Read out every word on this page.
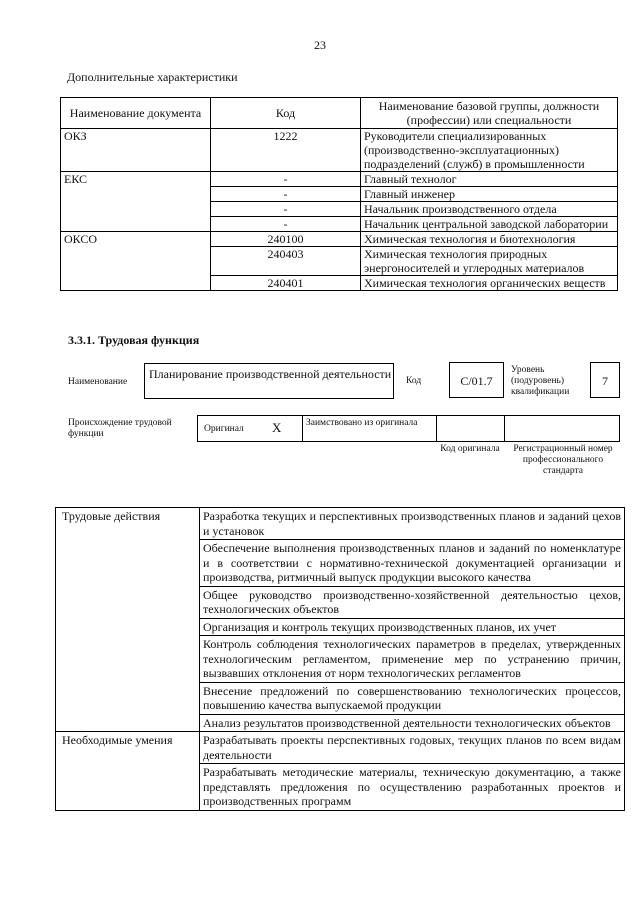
23
Дополнительные характеристики
Наименование документа	Код	Наименование базовой группы, должности (профессии) или специальности
ОКЗ	1222	Руководители специализированных (производственно-эксплуатационных) подразделений (служб) в промышленности
ЕКС	-	Главный технолог
	-	Главный инженер
	-	Начальник производственного отдела
	-	Начальник центральной заводской лаборатории
ОКСО	240100	Химическая технология и биотехнология
	240403	Химическая технология природных энергоносителей и углеродных материалов
	240401	Химическая технология органических веществ
3.3.1. Трудовая функция
Наименование
Планирование производственной деятельности Код	С/01.7
Уровень (подуровень) квалификации
7
Происхождение трудовой функции	Оригинал X	Заимствовано из оригинала
Код оригинала	Регистрационный номер профессионального стандарта
Трудовые действия	Разработка текущих и перспективных производственных планов и заданий цехов и установок
	Обеспечение выполнения производственных планов и заданий по номенклатуре и в соответствии с нормативно-технической документацией организации и производства, ритмичный выпуск продукции высокого качества
	Общее руководство производственно-хозяйственной деятельностью цехов, технологических объектов
	Организация и контроль текущих производственных планов, их учет
	Контроль соблюдения технологических параметров в пределах, утвержденных технологическим регламентом, применение мер по устранению причин, вызвавших отклонения от норм технологических регламентов
	Внесение предложений по совершенствованию технологических процессов, повышению качества выпускаемой продукции
	Анализ результатов производственной деятельности технологических объектов
Необходимые умения	Разрабатывать проекты перспективных годовых, текущих планов по всем видам деятельности
	Разрабатывать методические материалы, техническую документацию, а также представлять предложения по осуществлению разработанных проектов и производственных программ
